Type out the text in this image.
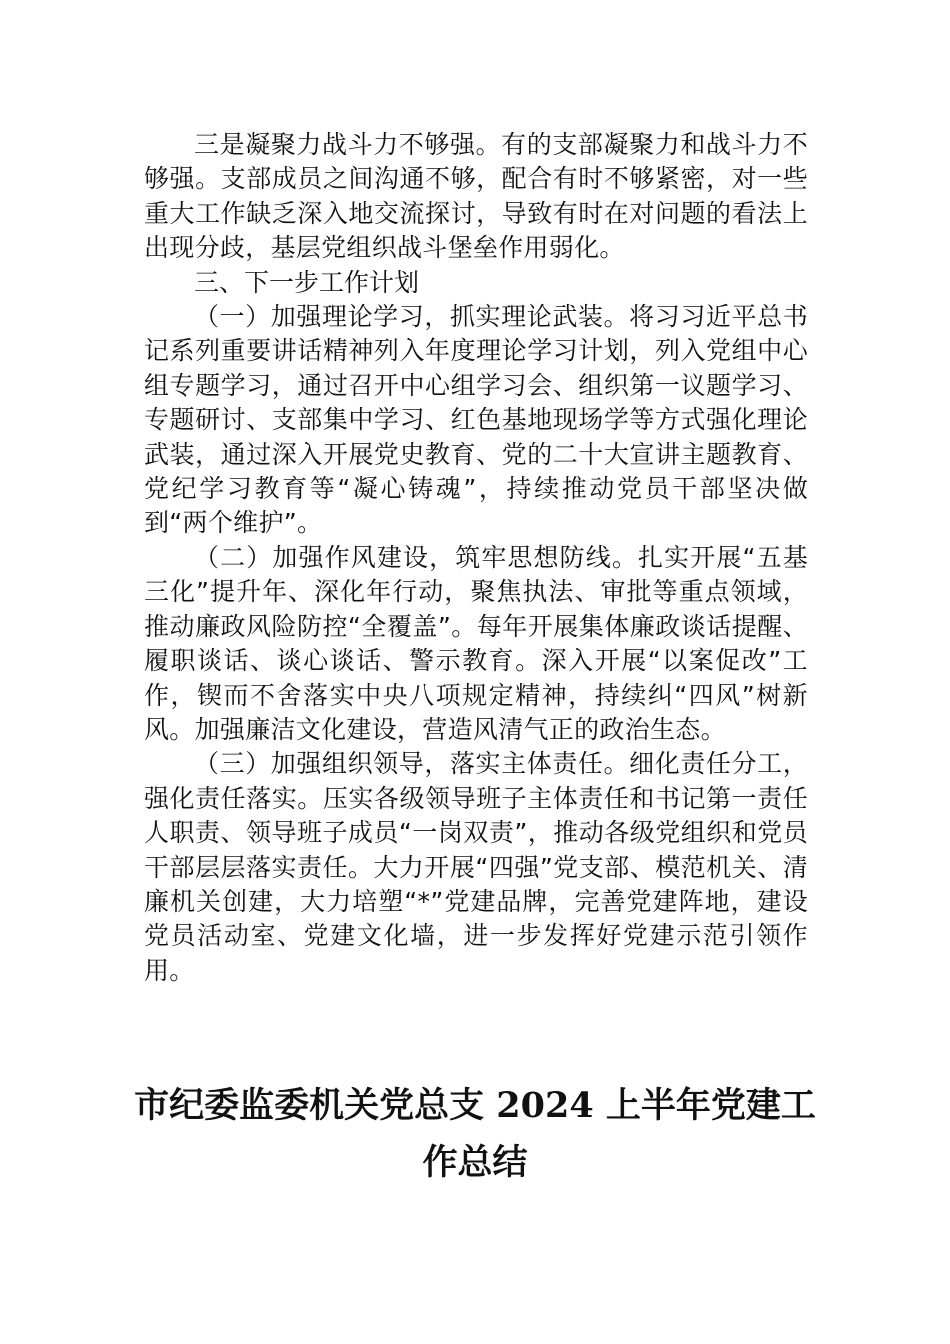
三是凝聚力战斗力不够强。有的支部凝聚力和战斗力不够强。支部成员之间沟通不够，配合有时不够紧密，对一些重大工作缺乏深入地交流探讨，导致有时在对问题的看法上出现分歧，基层党组织战斗堡垒作用弱化。

三、下一步工作计划

（一）加强理论学习，抓实理论武装。将习习近平总书记系列重要讲话精神列入年度理论学习计划，列入党组中心组专题学习，通过召开中心组学习会、组织第一议题学习、专题研讨、支部集中学习、红色基地现场学等方式强化理论武装，通过深入开展党史教育、党的二十大宣讲主题教育、党纪学习教育等“凝心铸魂”，持续推动党员干部坚决做到“两个维护”。

（二）加强作风建设，筑牢思想防线。扎实开展“五基三化”提升年、深化年行动，聚焦执法、审批等重点领域，推动廉政风险防控“全覆盖”。每年开展集体廉政谈话提醒、履职谈话、谈心谈话、警示教育。深入开展“以案促改”工作，锲而不舍落实中央八项规定精神，持续纠“四风”树新风。加强廉洁文化建设，营造风清气正的政治生态。

（三）加强组织领导，落实主体责任。细化责任分工，强化责任落实。压实各级领导班子主体责任和书记第一责任人职责、领导班子成员“一岗双责”，推动各级党组织和党员干部层层落实责任。大力开展“四强”党支部、模范机关、清廉机关创建，大力培塑“*”党建品牌，完善党建阵地，建设党员活动室、党建文化墙，进一步发挥好党建示范引领作用。

市纪委监委机关党总支 2024 上半年党建工
作总结
